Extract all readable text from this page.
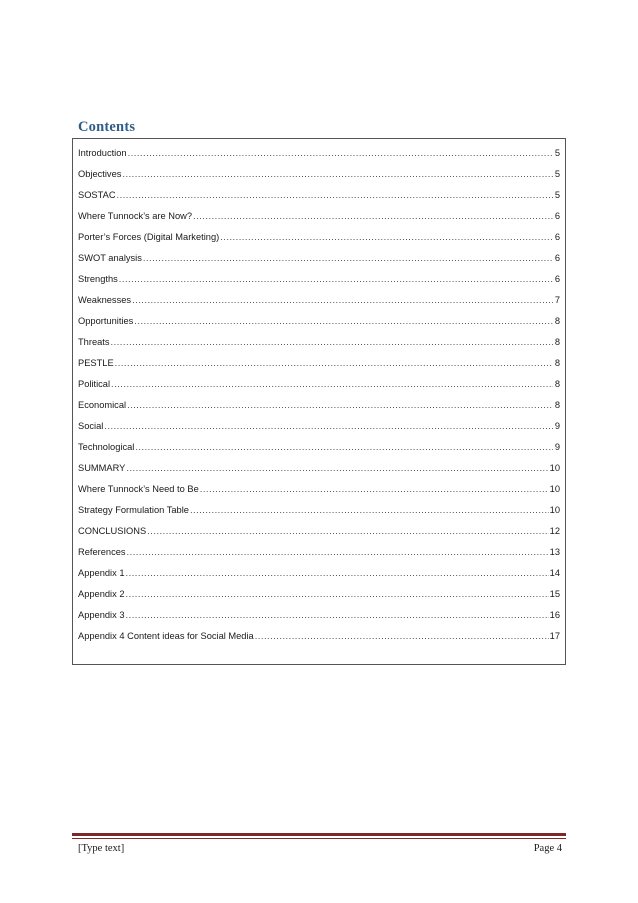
Contents
Introduction .....	5
Objectives .....	5
SOSTAC .....	5
Where Tunnock’s are Now? .....	6
Porter’s Forces (Digital Marketing) .....	6
SWOT analysis .....	6
Strengths .....	6
Weaknesses .....	7
Opportunities .....	8
Threats .....	8
PESTLE .....	8
Political .....	8
Economical .....	8
Social .....	9
Technological .....	9
SUMMARY .....	10
Where Tunnock’s Need to Be .....	10
Strategy Formulation Table .....	10
CONCLUSIONS .....	12
References .....	13
Appendix 1 .....	14
Appendix 2 .....	15
Appendix 3 .....	16
Appendix 4 Content ideas for Social Media .....	17
[Type text]	Page 4
